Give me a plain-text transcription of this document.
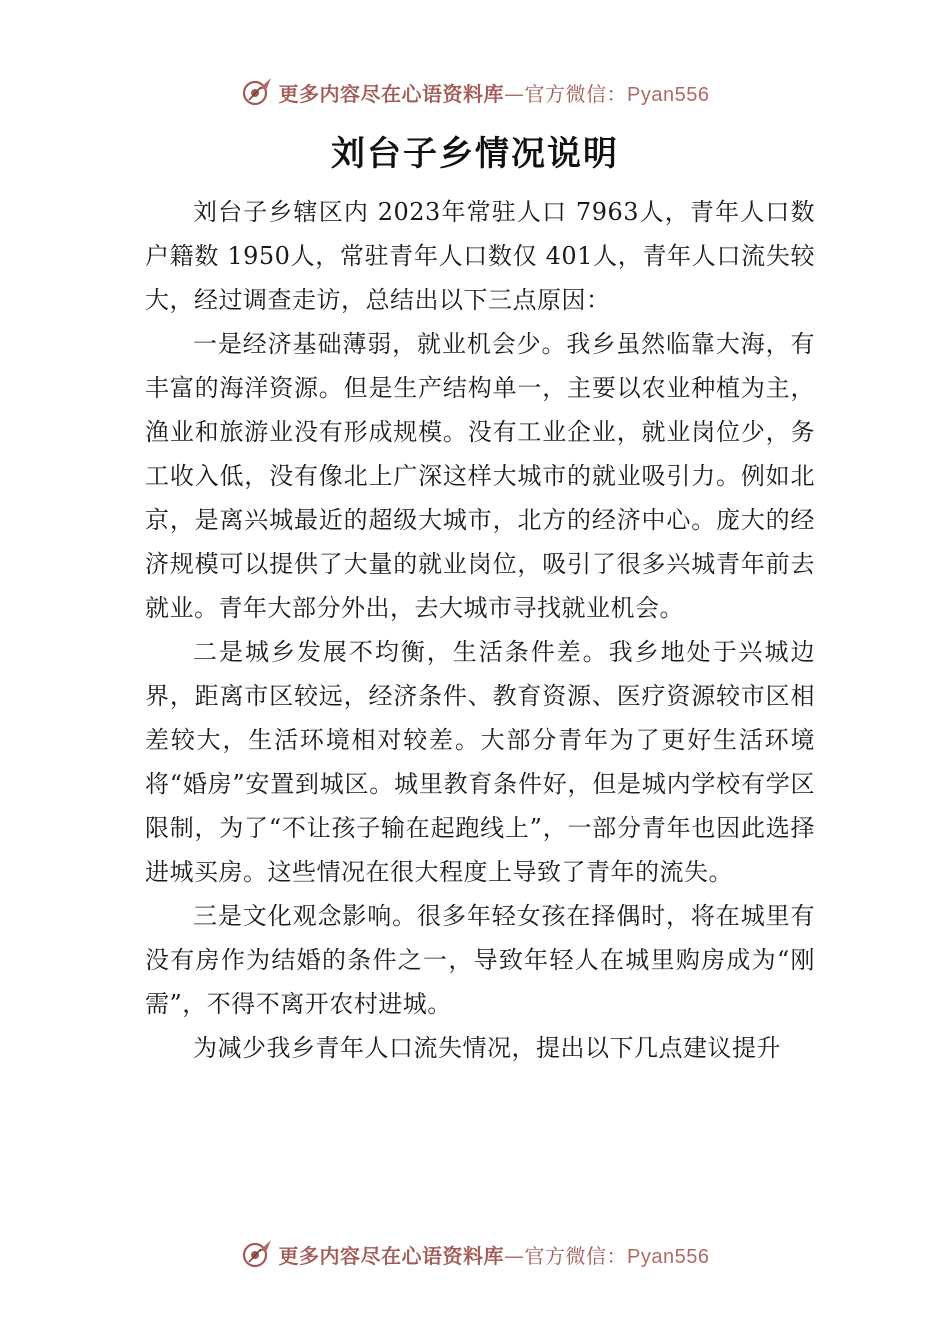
更多内容尽在心语资料库—官方微信：Pyan556
刘台子乡情况说明

刘台子乡辖区内 2023年常驻人口 7963人，青年人口数户籍数 1950人，常驻青年人口数仅 401人，青年人口流失较大，经过调查走访，总结出以下三点原因：

一是经济基础薄弱，就业机会少。我乡虽然临靠大海，有丰富的海洋资源。但是生产结构单一，主要以农业种植为主，渔业和旅游业没有形成规模。没有工业企业，就业岗位少，务工收入低，没有像北上广深这样大城市的就业吸引力。例如北京，是离兴城最近的超级大城市，北方的经济中心。庞大的经济规模可以提供了大量的就业岗位，吸引了很多兴城青年前去就业。青年大部分外出，去大城市寻找就业机会。

二是城乡发展不均衡，生活条件差。我乡地处于兴城边界，距离市区较远，经济条件、教育资源、医疗资源较市区相差较大，生活环境相对较差。大部分青年为了更好生活环境将“婚房”安置到城区。城里教育条件好，但是城内学校有学区限制，为了“不让孩子输在起跑线上”，一部分青年也因此选择进城买房。这些情况在很大程度上导致了青年的流失。

三是文化观念影响。很多年轻女孩在择偶时，将在城里有没有房作为结婚的条件之一，导致年轻人在城里购房成为“刚需”，不得不离开农村进城。

为减少我乡青年人口流失情况，提出以下几点建议提升

更多内容尽在心语资料库—官方微信：Pyan556
